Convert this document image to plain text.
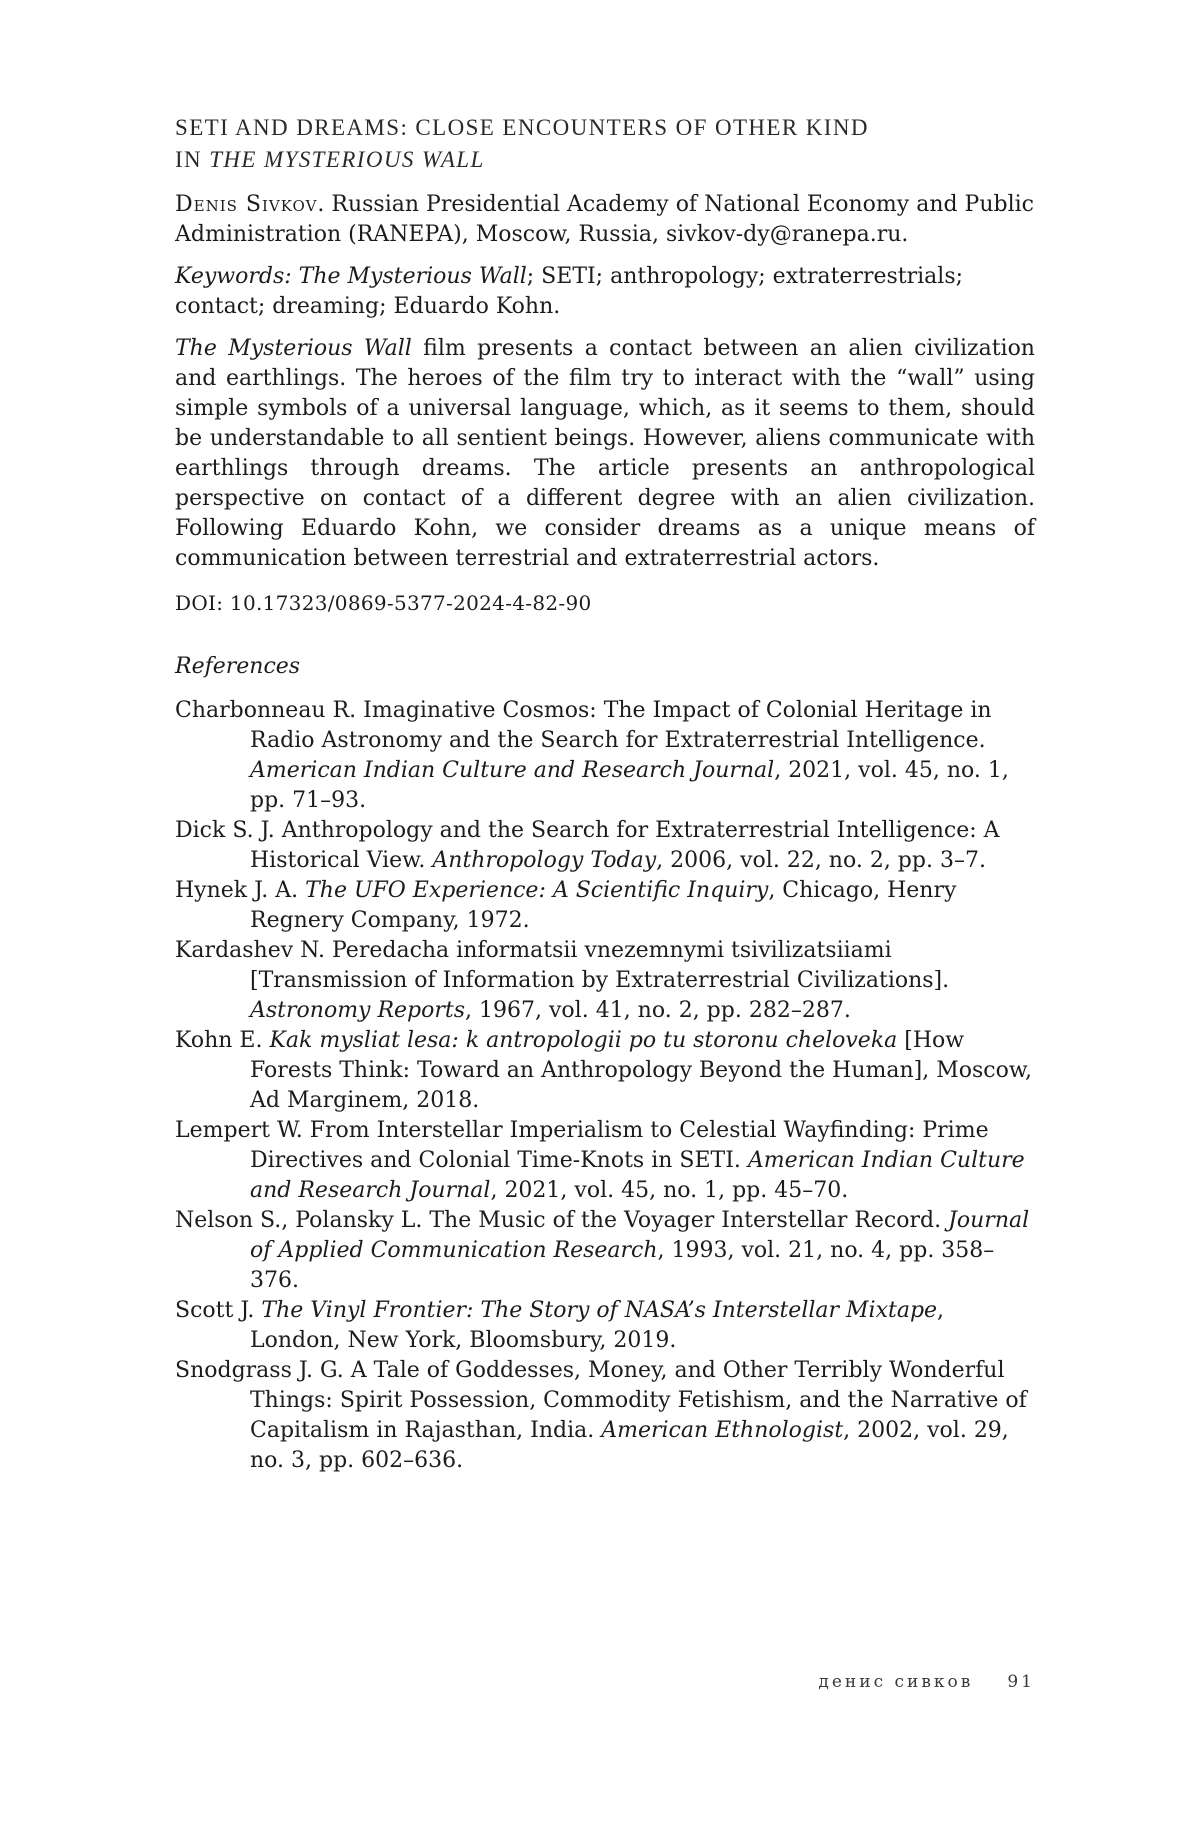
SETI AND DREAMS: CLOSE ENCOUNTERS OF OTHER KIND
IN THE MYSTERIOUS WALL

Denis Sivkov. Russian Presidential Academy of National Economy and Public Administration (RANEPA), Moscow, Russia, sivkov-dy@ranepa.ru.

Keywords: The Mysterious Wall; SETI; anthropology; extraterrestrials; contact; dreaming; Eduardo Kohn.

The Mysterious Wall film presents a contact between an alien civilization and earthlings. The heroes of the film try to interact with the “wall” using simple symbols of a universal language, which, as it seems to them, should be understandable to all sentient beings. However, aliens communicate with earthlings through dreams. The article presents an anthropological perspective on contact of a different degree with an alien civilization. Following Eduardo Kohn, we consider dreams as a unique means of communication between terrestrial and extraterrestrial actors.

DOI: 10.17323/0869-5377-2024-4-82-90

References

Charbonneau R. Imaginative Cosmos: The Impact of Colonial Heritage in Radio Astronomy and the Search for Extraterrestrial Intelligence. American Indian Culture and Research Journal, 2021, vol. 45, no. 1, pp. 71–93.
Dick S. J. Anthropology and the Search for Extraterrestrial Intelligence: A Historical View. Anthropology Today, 2006, vol. 22, no. 2, pp. 3–7.
Hynek J. A. The UFO Experience: A Scientific Inquiry, Chicago, Henry Regnery Company, 1972.
Kardashev N. Peredacha informatsii vnezemnymi tsivilizatsiiami [Transmission of Information by Extraterrestrial Civilizations]. Astronomy Reports, 1967, vol. 41, no. 2, pp. 282–287.
Kohn E. Kak mysliat lesa: k antropologii po tu storonu cheloveka [How Forests Think: Toward an Anthropology Beyond the Human], Moscow, Ad Marginem, 2018.
Lempert W. From Interstellar Imperialism to Celestial Wayfinding: Prime Directives and Colonial Time-Knots in SETI. American Indian Culture and Research Journal, 2021, vol. 45, no. 1, pp. 45–70.
Nelson S., Polansky L. The Music of the Voyager Interstellar Record. Journal of Applied Communication Research, 1993, vol. 21, no. 4, pp. 358–376.
Scott J. The Vinyl Frontier: The Story of NASA’s Interstellar Mixtape, London, New York, Bloomsbury, 2019.
Snodgrass J. G. A Tale of Goddesses, Money, and Other Terribly Wonderful Things: Spirit Possession, Commodity Fetishism, and the Narrative of Capitalism in Rajasthan, India. American Ethnologist, 2002, vol. 29, no. 3, pp. 602–636.
денис сивков 91
